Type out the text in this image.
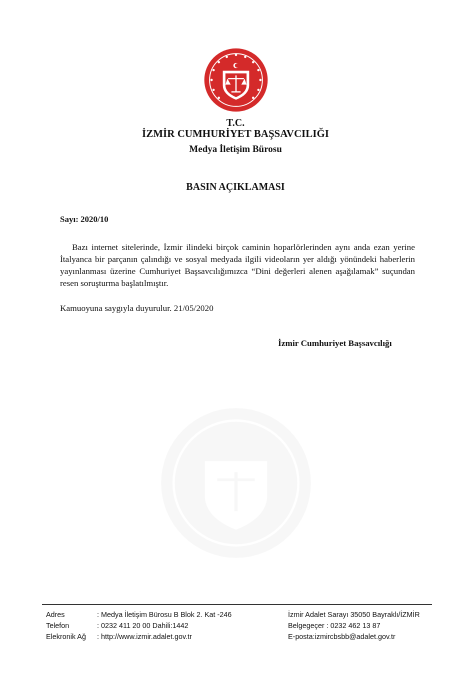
T.C.
İZMİR CUMHURİYET BAŞSAVCILIĞI
Medya İletişim Bürosu
BASIN AÇIKLAMASI
Sayı: 2020/10

Bazı internet sitelerinde, İzmir ilindeki birçok caminin hoparlörlerinden aynı anda ezan yerine İtalyanca bir parçanın çalındığı ve sosyal medyada ilgili videoların yer aldığı yönündeki haberlerin yayınlanması üzerine Cumhuriyet Başsavcılığımızca “Dini değerleri alenen aşağılamak” suçundan resen soruşturma başlatılmıştır.

Kamuoyuna saygıyla duyurulur. 21/05/2020
İzmir Cumhuriyet Başsavcılığı
Adres	: Medya İletişim Bürosu B Blok 2. Kat -246	İzmir Adalet Sarayı 35050 Bayraklı/İZMİR
Telefon	: 0232 411 20 00 Dahili:1442	Belgegeçer : 0232 462 13 87
Elekronik Ağ : http://www.izmir.adalet.gov.tr	E-posta:izmircbsbb@adalet.gov.tr
